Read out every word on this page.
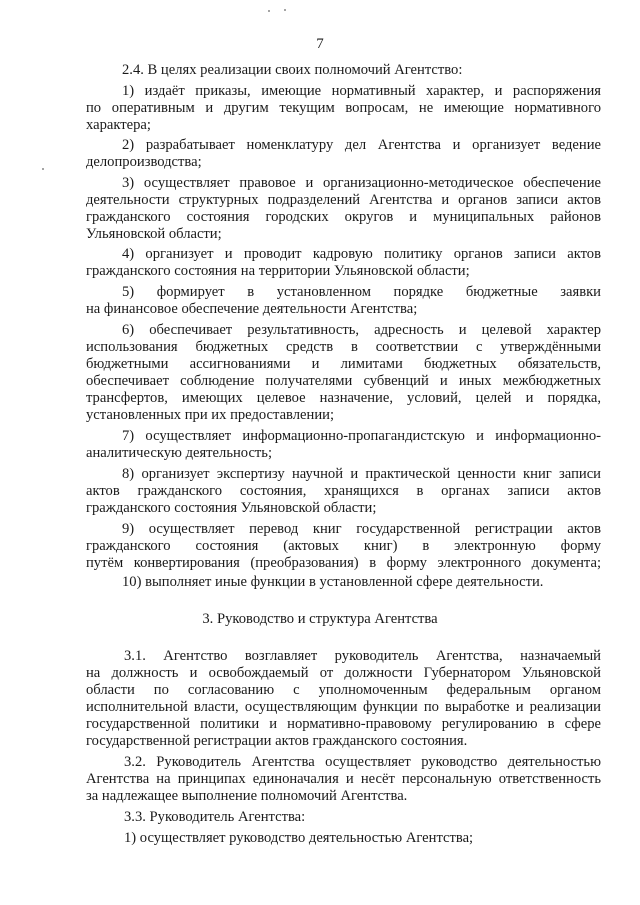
7
2.4. В целях реализации своих полномочий Агентство:
1) издаёт приказы, имеющие нормативный характер, и распоряжения
по оперативным и другим текущим вопросам, не имеющие нормативного
характера;
2) разрабатывает номенклатуру дел Агентства и организует ведение
делопроизводства;
3) осуществляет правовое и организационно-методическое обеспечение
деятельности структурных подразделений Агентства и органов записи актов
гражданского состояния городских округов и муниципальных районов
Ульяновской области;
4) организует и проводит кадровую политику органов записи актов
гражданского состояния на территории Ульяновской области;
5) формирует в установленном порядке бюджетные заявки
на финансовое обеспечение деятельности Агентства;
6) обеспечивает результативность, адресность и целевой характер
использования бюджетных средств в соответствии с утверждёнными
бюджетными ассигнованиями и лимитами бюджетных обязательств,
обеспечивает соблюдение получателями субвенций и иных межбюджетных
трансфертов, имеющих целевое назначение, условий, целей и порядка,
установленных при их предоставлении;
7) осуществляет информационно-пропагандистскую и информационно-
аналитическую деятельность;
8) организует экспертизу научной и практической ценности книг записи
актов гражданского состояния, хранящихся в органах записи актов
гражданского состояния Ульяновской области;
9) осуществляет перевод книг государственной регистрации актов
гражданского состояния (актовых книг) в электронную форму
путём конвертирования (преобразования) в форму электронного документа;
10) выполняет иные функции в установленной сфере деятельности.
3. Руководство и структура Агентства
3.1. Агентство возглавляет руководитель Агентства, назначаемый
на должность и освобождаемый от должности Губернатором Ульяновской
области по согласованию с уполномоченным федеральным органом
исполнительной власти, осуществляющим функции по выработке и реализации
государственной политики и нормативно-правовому регулированию в сфере
государственной регистрации актов гражданского состояния.
3.2. Руководитель Агентства осуществляет руководство деятельностью
Агентства на принципах единоначалия и несёт персональную ответственность
за надлежащее выполнение полномочий Агентства.
3.3. Руководитель Агентства:
1) осуществляет руководство деятельностью Агентства;
